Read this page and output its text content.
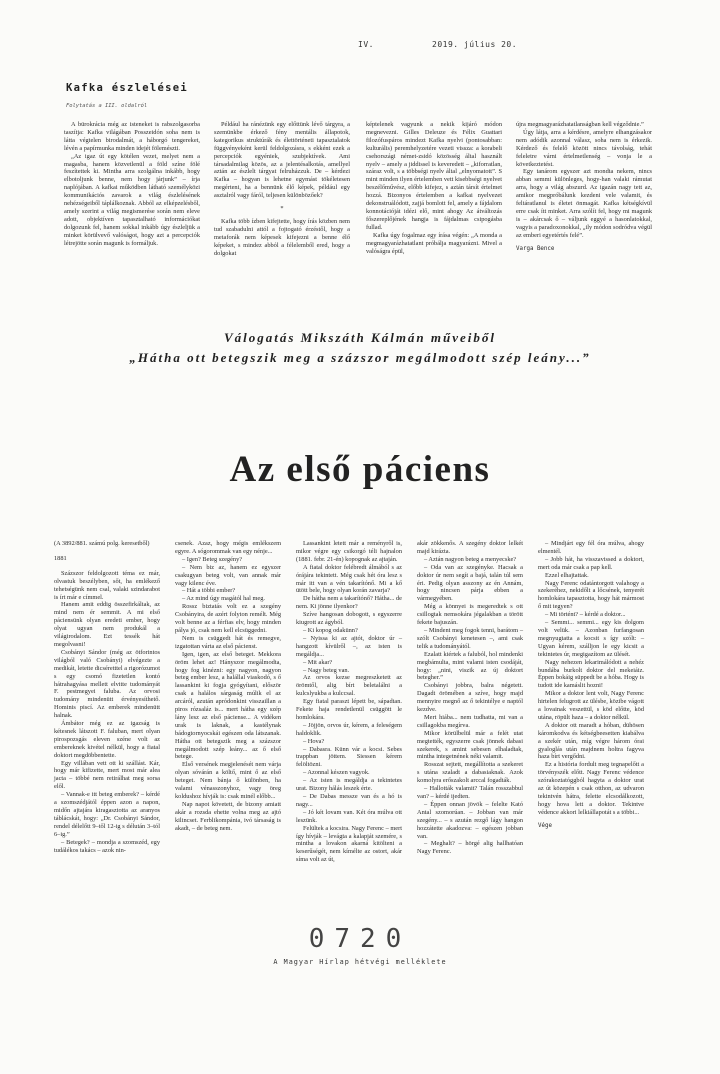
IV.	2019. július 20.
Kafka észlelései
Folytatás a III. oldalról

A bürokrácia még az isteneket is rabszolgasorba taszítja: Kafka világában Posszeidón soha nem is látta végtelen birodalmát, a háborgó tengereket, lévén a papírmunka minden idejét fölemészti.

„Az igaz út egy kötélen vezet, melyet nem a magasba, hanem közvetlenül a föld színe fölé feszítettek ki. Mintha arra szolgálna inkább, hogy elbotoljunk benne, nem hogy járjunk” – írja naplójában. A kafkai működben látható személyközi kommunikációs zavarok a világ észlelésének nehézségeiből táplálkoznak. Abból az elképzelésből, amely szerint a világ megismerése során nem eleve adott, objektíven tapasztalható információkat dolgozunk fel, hanem sokkal inkább úgy észleljük a minket körülvevő valóságot, hogy azt a percepciók létrejötte során magunk is formáljuk.

Például ha ránézünk egy előttünk lévő tárgyra, a szemünkbe érkező fény mentális állapotok, kategorikus struktúrák és élettörténeti tapasztalatok függvényeként kerül feldolgozásra, s ekként ezek a percepciók egyéniek, szubjektívek. Ami társadalmilag közös, az a jelentésalkotás, amellyel aztán az észlelt tárgyat felruházzuk. De – kérdezi Kafka – hogyan is lehetne egymást tökéletesen megérteni, ha a bennünk élő képek, például egy asztalról vagy fáról, teljesen különbözőek?

*

Kafka több ízben kifejtette, hogy írás közben nem tud szabadulni attól a fojtogató érzéstől, hogy a metaforák nem képesek kifejezni a benne élő képeket, s mindez abból a félelemből ered, hogy a dolgokat

képtelenek vagyunk a nekik kijáró módon megnevezni. Gilles Deleuze és Félix Guattari filozófuspáros mindezt Kafka nyelvi (pontosabban: kulturális) peremhelyzetére vezeti vissza: a korabeli csehországi német-zsidó közösség által használt nyelv – amely a jiddissel is keveredett – „kiforratlan, száraz volt, s a többségi nyelv által „elnyomatott”. S mint minden ilyen értelemben vett kisebbségi nyelvet beszélőművész, előbb kifejez, s aztán társít értelmet hozzá. Bizonyos értelemben a kafkai nyelvezet dekonstruálódott, zajjá bomlott fel, amely a fájdalom konnotációját idézi elő, mint ahogy Az átváltozás főszereplőjének hangja is fájdalmas csipogásba fullad.

Kafka úgy fogalmaz egy írása végén: „A monda a megmagyarázhatatlant próbálja magyarázni. Mivel a valóságra épül,

újra megmagyarázhatatlanságban kell végződnie.”

Úgy látja, arra a kérdésre, amelyre elhangzásakor nem adódik azonnal válasz, soha nem is érkezik. Kérdező és felelő között nincs távolság, tehát feleletre várni értelmetlenség – vonja le a következtetést.

Egy tanárom egyszer azt mondta nekem, nincs abban semmi különleges, hogy-han valaki rámutat arra, hogy a világ abszurd. Az igazán nagy tett az, amikor megpróbálunk kezdeni vele valamit, és feltáratlanul is életet önmagát. Kafka kétségkívül erre csak ítt minket. Arra szólít fel, hogy mi magunk is – akárcsak ő – váljunk eggyé a hasonlatokkal, vagyis a paradoxonokkal, „ily módon sodródva végül az emberi egyetértés felé”.

Varga Bence

Válogatás Mikszáth Kálmán műveiből
„Hátha ott betegszik meg a százszor megálmodott szép leány...”
Az első páciens

(A 3892/881. számú polg. keresetből)

1881

Százszor feldolgozott téma ez már, olvastuk beszélyben, sőt, ha emlékező tehetségünk nem csal, valaki szindarabot is írt már e címmel.

Hanem amit eddig összefirkáltak, az mind nem ér semmit. A mi első páciensünk olyan eredeti ember, hogy olyat ugyan nem produkál a világirodalom. Ezt tessék hát megolvasni!

Csobányi Sándor (még az ötforintos világból való Csobányi) elvégezte a medikát, letette dicséretttel a rigorózumot s egy csomó fizetetlen kontó hátrahagyása mellett elvitte tudományát F. pestmegyei faluba. Az orvosi tudomány mindenütt érvényesíthető. Hominis piscí. Az emberek mindenütt halnak.

Ámbátor még ez az igazság is kétesnek látszott F. faluban, mert olyan pirospozsgás eleven széne volt az embereknek kivétel nélkül, hogy a fiatal doktort megdöbbentette.

Egy villában vett ott ki szállást. Kár, hogy már kifizette, mert most már alea jacta – többé nem retirálhat meg sorsa elől.

– Vannak-e itt beteg emberek? – kérdé a szomszédjától éppen azon a napon, midőn ajtajára kiragasztotta az aranyos táblácskát, hogy: „Dr. Csobányi Sándor, rendel délelőtt 9–től 12-ig s délután 3–tól 6–ig.”

– Betegek? – mondja a szomszéd, egy tudálékos takács – azok nin-

csenek. Azaz, hogy mégis emlékszem egyre. A sógorommak van egy nénje...

– Igen? Beteg szegény?

– Nem biz az, hanem ez egyszer csakugyan beteg volt, van annak már vagy kilenc éve.

– Hát a többi ember?

– Az mind úgy magától hal meg.

Rossz biztatás volt ez a szegény Csobányira, de azért folyton remélt. Még volt benne az a férfias elv, hogy minden pálya jó, csak nem kell elcsüggedni.

Nem is csüggedt hát és remegve, izgatottan várta az első pácienst.

Igen, igen, az első beteget. Mekkora öröm lehet az! Hányszor megálmodta, hogy fog kinézni: egy nagyon, nagyon beteg ember lesz, a halállal viaskodó, s ő lassankint ki fogja gyógyítani, először csak a halálos sárgaság múlik el az arcáról, azután apródonkint visszaillan a piros rózsaláz is... mert hátha egy szép lány lesz az első páciense... A vidéken urak is laknak, a kastélynak bádogtornyocskái egészen oda látszanak. Hátha ott betegszik meg a százszor megálmodott szép leány... az ő első betege.

Első versének megjelenését nem várja olyan sóvárán a költő, mint ő az első beteget. Nem bánja ő különben, ha valami vénasszonyhoz, vagy öreg koldushoz hívják is: csak minél előbb...

Nap napot követett, de bizony amiatt akár a rozsda ehette volna meg az ajtó kilincset. Ferblikompánia, ivó társaság is akadt, – de beteg nem.

Lassankint letett már a reményről is, mikor végre egy csikorgó téli hajnalon (1881. febr. 21-én) kopognak az ajtaján.

A fiatal doktor felébredt álmából s az órájára tekintett. Még csak hét óra lesz s már itt van a vén takarítónő. Mi a kő ütött bele, hogy olyan korán zavarja?

De hátha nem a takarítónő? Hátha... de nem. Ki jönne ilyenkor?

Szíve hangosan dobogott, s egyszerre kiugrott az ágyból.

– Ki kopog odakünn?

– Nyissa ki az ajtót, doktor úr – hangzott kívülről –, az isten is megáldja...

– Mit akar?

– Nagy beteg van.

Az orvos kezse megreszketett az örömtől, alig bírt beletalálni a kulcslyukba a kulccsal.

Egy fiatal paraszt lépett be, sápadtan. Fekete haja rendetlenül csüggött le homlokára.

– Jöjjön, orvos úr, kérem, a feleségem haldoklik.

– Hova?

– Dabasra. Künn vár a kocsi. Sebes trappban jöttem. Siessen kérem felöltözni.

– Azonnal készen vagyok.

– Az isten is megáldja a tekintetes urat. Bizony hálás leszek érte.

– De Dabas messze van és a hó is nagy...

– Jó két lovam van. Két óra múlva ott leszünk.

Felültek a kocsira. Nagy Ferenc – mert így hívják – levágta a kalapját szemére, s mintha a lovakon akarná kitölteni a keserűségét, nem kímélte az ostort, akár síma volt az út,

akár zökkenős. A szegény doktor lelkét majd kirázta.

– Aztán nagyon beteg a menyecske?

– Oda van az szegénykе. Hacsak a doktor úr nem segít a bajá, talán túl sem éri. Pedig olyan asszony az én Annám, hogy nincsen párja ebben a vármegyében.

Még a könnyei is megeredtek s ott csillogtak nemsokára jégalakban a törött fekete bajuszán.

– Mindent meg fogok tenni, barátom – szólt Csobányi kenetesen –, ami csak telik a tudományától.

Ezalatt kiértek a faluból, hol mindenki megbámulta, mint valami isten csodáját, hogy: „nini, viszik az új doktort betegher.”

Csobányi jobbra, balra négetett. Dagadt örömében a szíve, hogy majd mennyire megnő az ő tekintélye e naptól kezdve.

Mert hiába... nem tudhatta, mi van a csillagokba megírva.

Mikor körülbelül már a felét utat megtették, egyszerre csak jönnek dabasi szekerek, s amint sebesen elhaladtak, mintha integetnének néki valamit.

Rosszat sejtett, megállította a szekeret s utána szaladt a dabasiaknak. Azok komolyra erőszakolt arccal fogadták.

– Hallották valamit? Talán rosszabbul van? – kérdé ijedten.

– Éppen onnan jövök – felelte Kató Antal szomorúan. – Jobban van már szegény... – s azután rezgő lágy hangon hozzátette akadozva: – egészen jobban van.

– Meghalt? – hörgé alig hallhatóan Nagy Ferenc.

– Mindjárt egy fél óra múlva, ahogy elmentél.

– Jobb hát, ha visszavissed a doktort, mert oda már csak a pap kell.

Ezzel elhajtattak.

Nagy Ferenc odatántorgott valahogy a szekeréhez, nekidőlt a lőcsének, tenyerét homlokára tapasztotta, hogy hát mármost ő mit tegyen?

– Mi történt? – kérdé a doktor...

– Semmi... semmi... egy kis dolgom volt velük. – Azonban furfangosan megnyugtatta a kocsit s így szólt: – Ugyan kérem, szálljon le egy kicsit a tekintetes úr, megigazítom az ülését.

Nagy nehezen lekarimálódott a nehéz bundába burkolt doktor del mekeiáiz. Éppen bokáig süppedt be a hóba. Hogy is tudott ide kamáslit hozni!

Mikor a doktor lent volt, Nagy Ferenc hirtelen felugrott az ülésbe, közibe vágott a lovainak veszettül, s köd előtte, köd utána, röpült haza – a doktor nélkül.

A doktor ott maradt a hóban, dühösen káromkodva és kétségbeesetten kiabálva a szekér után, míg végre három órai gyaloglás után majdnem holtra fagyva haza bírt vergődni.

Ez a história fordult meg tegnapelőtt a törvényszék előtt. Nagy Ferenc védence szórakoztatóggból hagyta a doktor urat az út közepén s csak otthon, az udvaron tekintvén hátra, felette elcsodálkozott, hogy hova lett a doktor. Tekintve védence akkori lelkiállapotát s a többi...

Vége

0720
A Magyar Hírlap hétvégi melléklete
